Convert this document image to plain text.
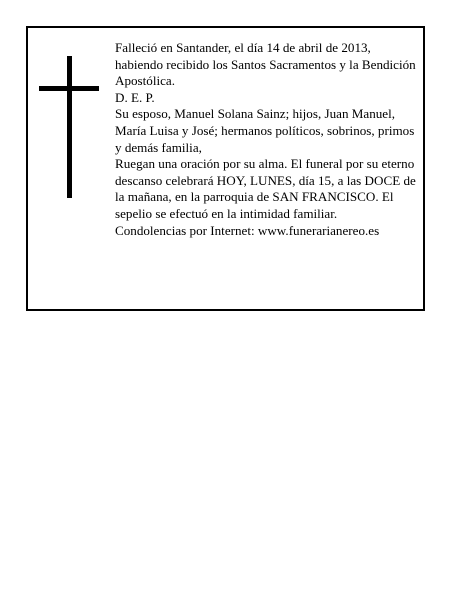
Falleció en Santander, el día 14 de abril de 2013, habiendo recibido los Santos Sacramentos y la Bendición Apostólica.

D. E. P.

Su esposo, Manuel Solana Sainz; hijos, Juan Manuel, María Luisa y José; hermanos políticos, sobrinos, primos y demás familia,

Ruegan una oración por su alma. El funeral por su eterno descanso celebrará HOY, LUNES, día 15, a las DOCE de la mañana, en la parroquia de SAN FRANCISCO. El sepelio se efectuó en la intimidad familiar.

Condolencias por Internet: www.funerarianereo.es
